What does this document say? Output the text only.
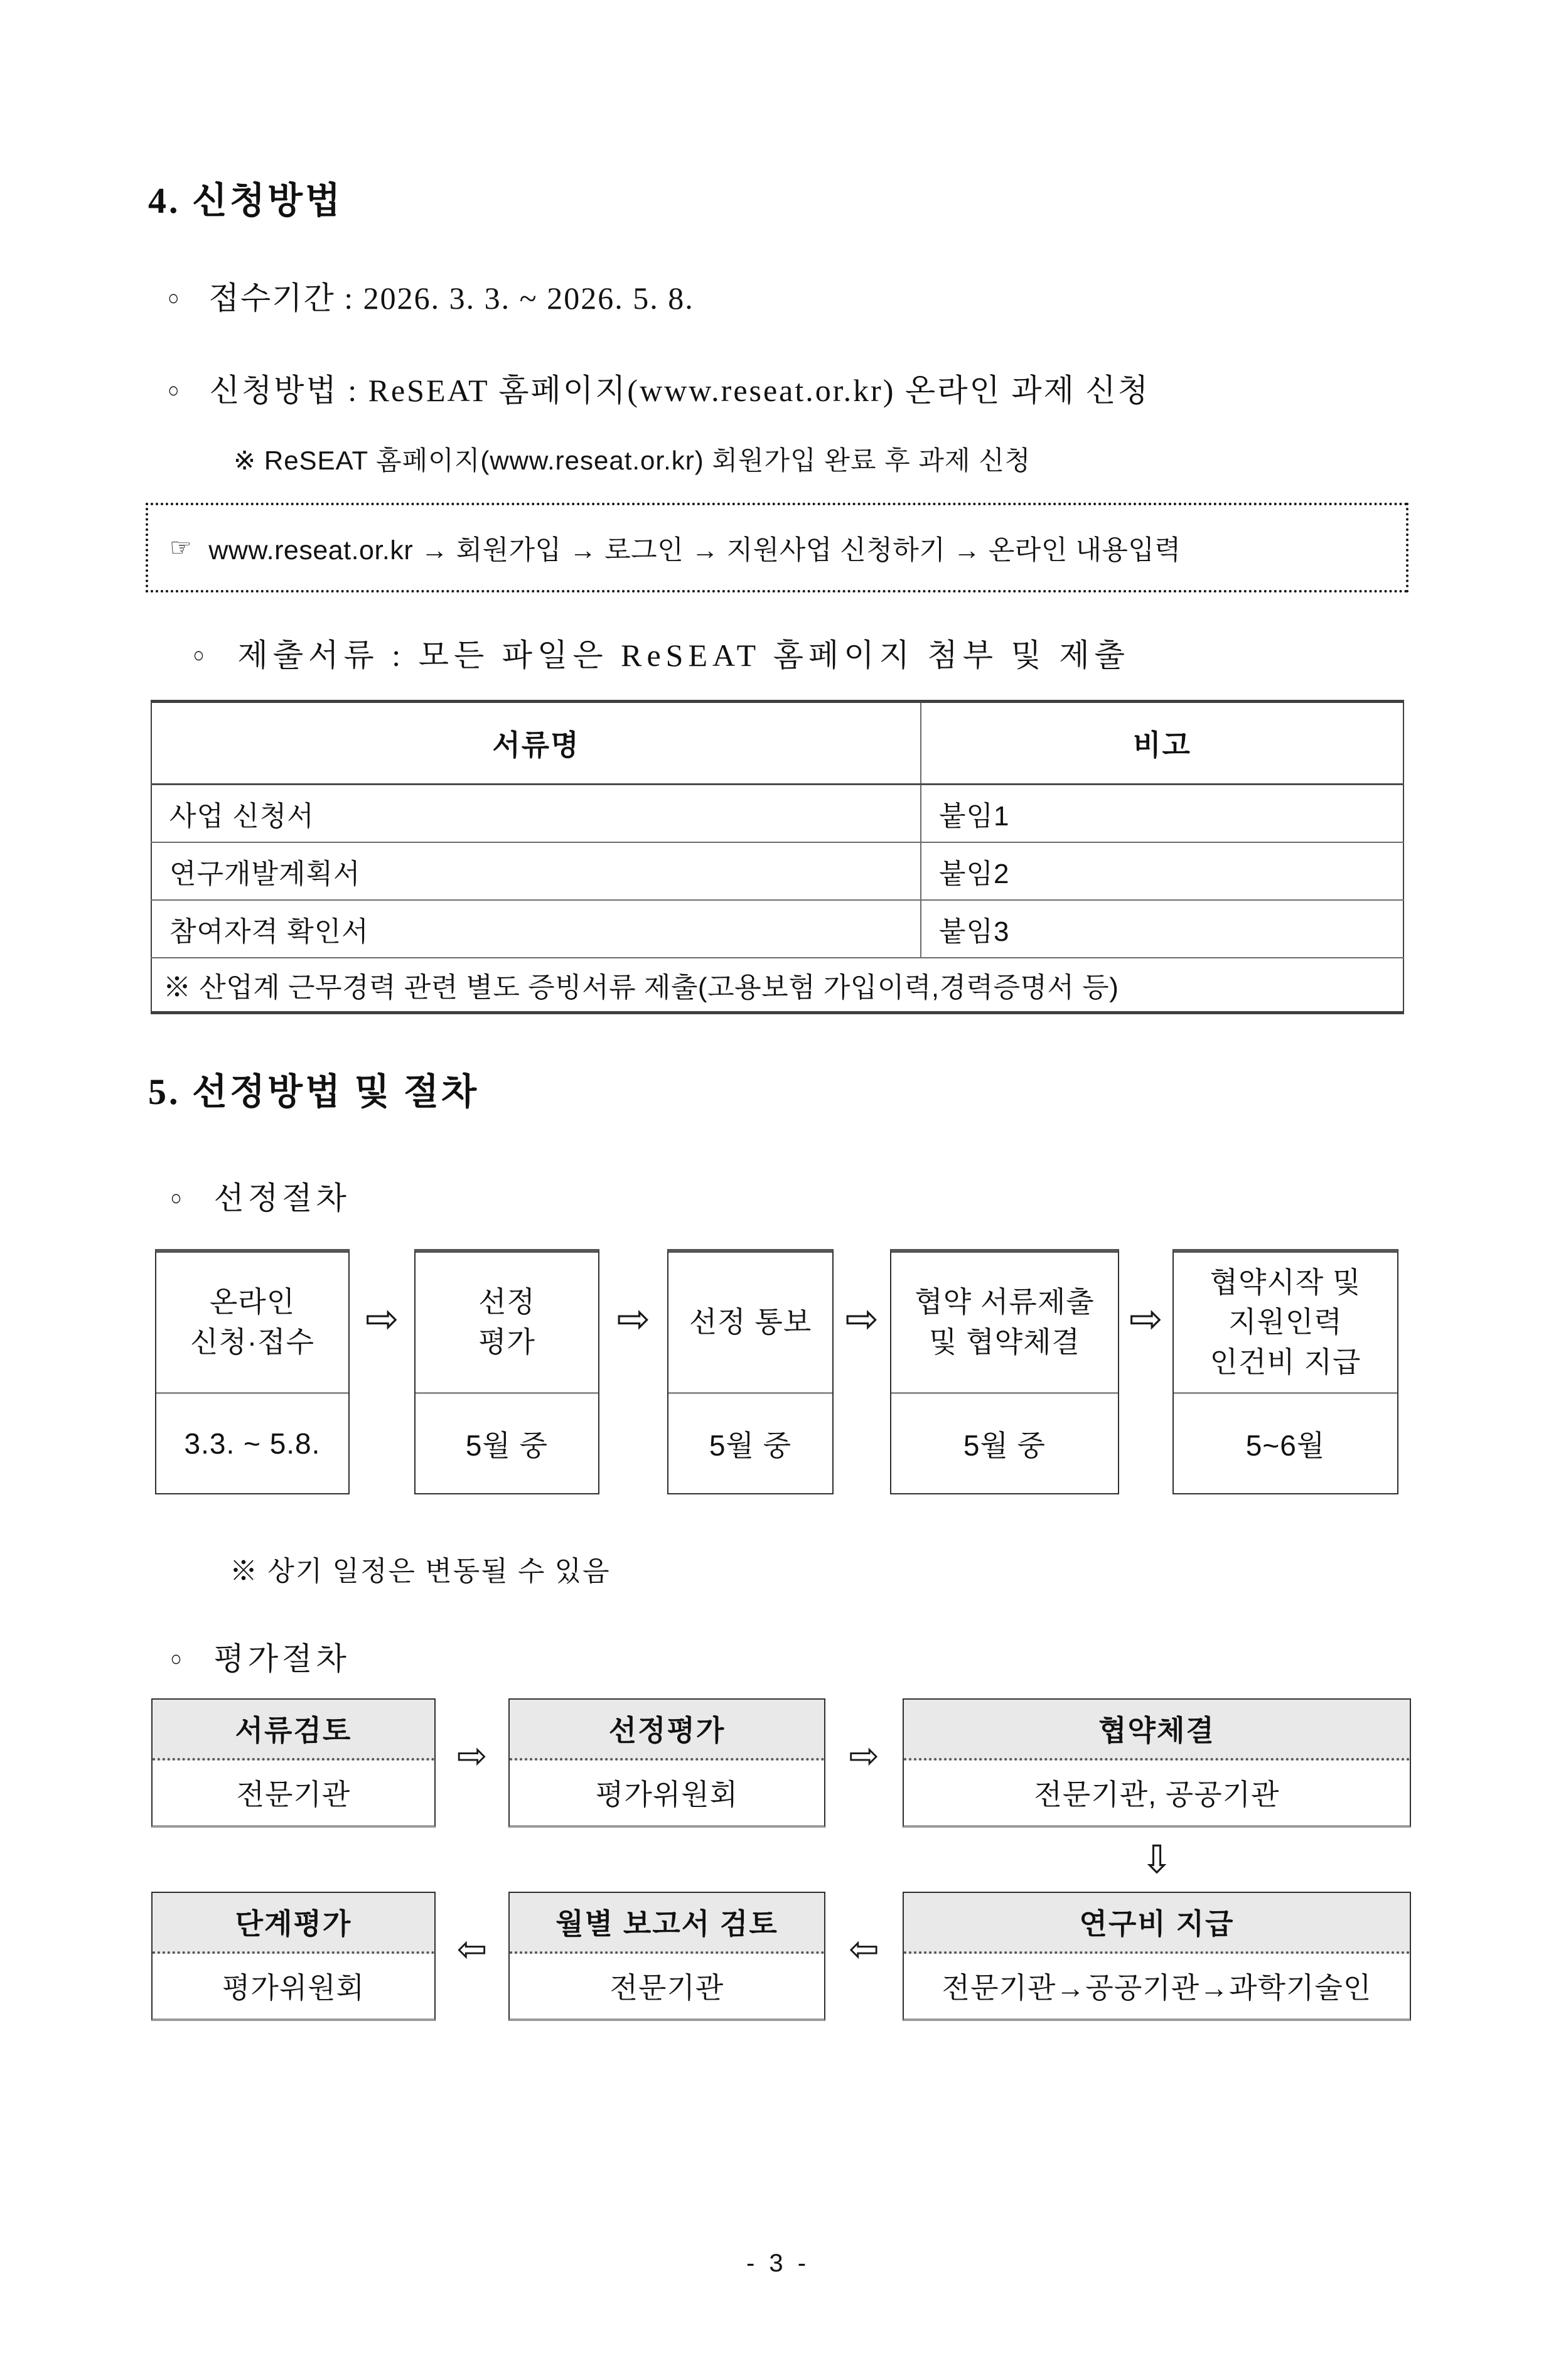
4. 신청방법
○ 접수기간 : 2026. 3. 3. ~ 2026. 5. 8.
○ 신청방법 : ReSEAT 홈페이지(www.reseat.or.kr) 온라인 과제 신청
※ ReSEAT 홈페이지(www.reseat.or.kr) 회원가입 완료 후 과제 신청
☞ www.reseat.or.kr → 회원가입 → 로그인 → 지원사업 신청하기 → 온라인 내용입력
○ 제출서류 : 모든 파일은 ReSEAT 홈페이지 첨부 및 제출
서류명	비고
사업 신청서	붙임1
연구개발계획서	붙임2
참여자격 확인서	붙임3
※ 산업계 근무경력 관련 별도 증빙서류 제출(고용보험 가입이력,경력증명서 등)	
5. 선정방법 및 절차
○ 선정절차
온라인
신청·접수
3.3. ~ 5.8.
⇨	선정
평가
5월 중
⇨ 선정 통보
5월 중
⇨ 협약 서류제출
및 협약체결
5월 중
⇨
협약시작 및
지원인력
인건비 지급
5~6월
※ 상기 일정은 변동될 수 있음
○ 평가절차
서류검토
전문기관
⇨
선정평가
평가위원회
⇨
협약체결
전문기관, 공공기관
⇩
단계평가
평가위원회
⇦
월별 보고서 검토
전문기관
⇦
연구비 지급
전문기관→공공기관→과학기술인
- 3 -
